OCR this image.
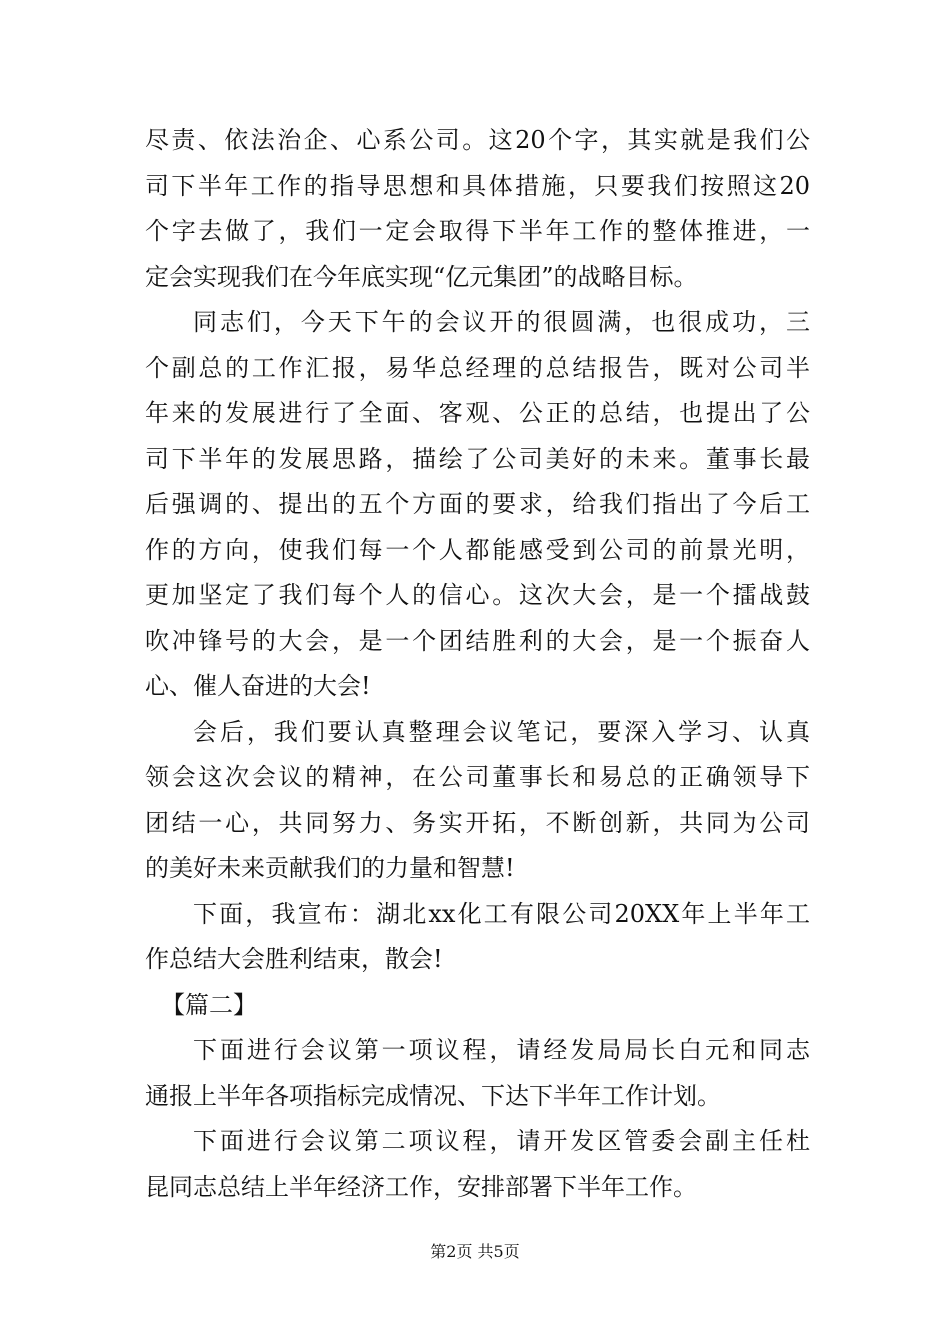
尽责、依法治企、心系公司。这20个字，其实就是我们公
司下半年工作的指导思想和具体措施，只要我们按照这20
个字去做了，我们一定会取得下半年工作的整体推进，一
定会实现我们在今年底实现“亿元集团”的战略目标。
同志们，今天下午的会议开的很圆满，也很成功，三
个副总的工作汇报，易华总经理的总结报告，既对公司半
年来的发展进行了全面、客观、公正的总结，也提出了公
司下半年的发展思路，描绘了公司美好的未来。董事长最
后强调的、提出的五个方面的要求，给我们指出了今后工
作的方向，使我们每一个人都能感受到公司的前景光明，
更加坚定了我们每个人的信心。这次大会，是一个擂战鼓
吹冲锋号的大会，是一个团结胜利的大会，是一个振奋人
心、催人奋进的大会!
会后，我们要认真整理会议笔记，要深入学习、认真
领会这次会议的精神，在公司董事长和易总的正确领导下
团结一心，共同努力、务实开拓，不断创新，共同为公司
的美好未来贡献我们的力量和智慧!
下面，我宣布：湖北xx化工有限公司20XX年上半年工
作总结大会胜利结束，散会!
【篇二】
下面进行会议第一项议程，请经发局局长白元和同志
通报上半年各项指标完成情况、下达下半年工作计划。
下面进行会议第二项议程，请开发区管委会副主任杜
昆同志总结上半年经济工作，安排部署下半年工作。
第2页 共5页
